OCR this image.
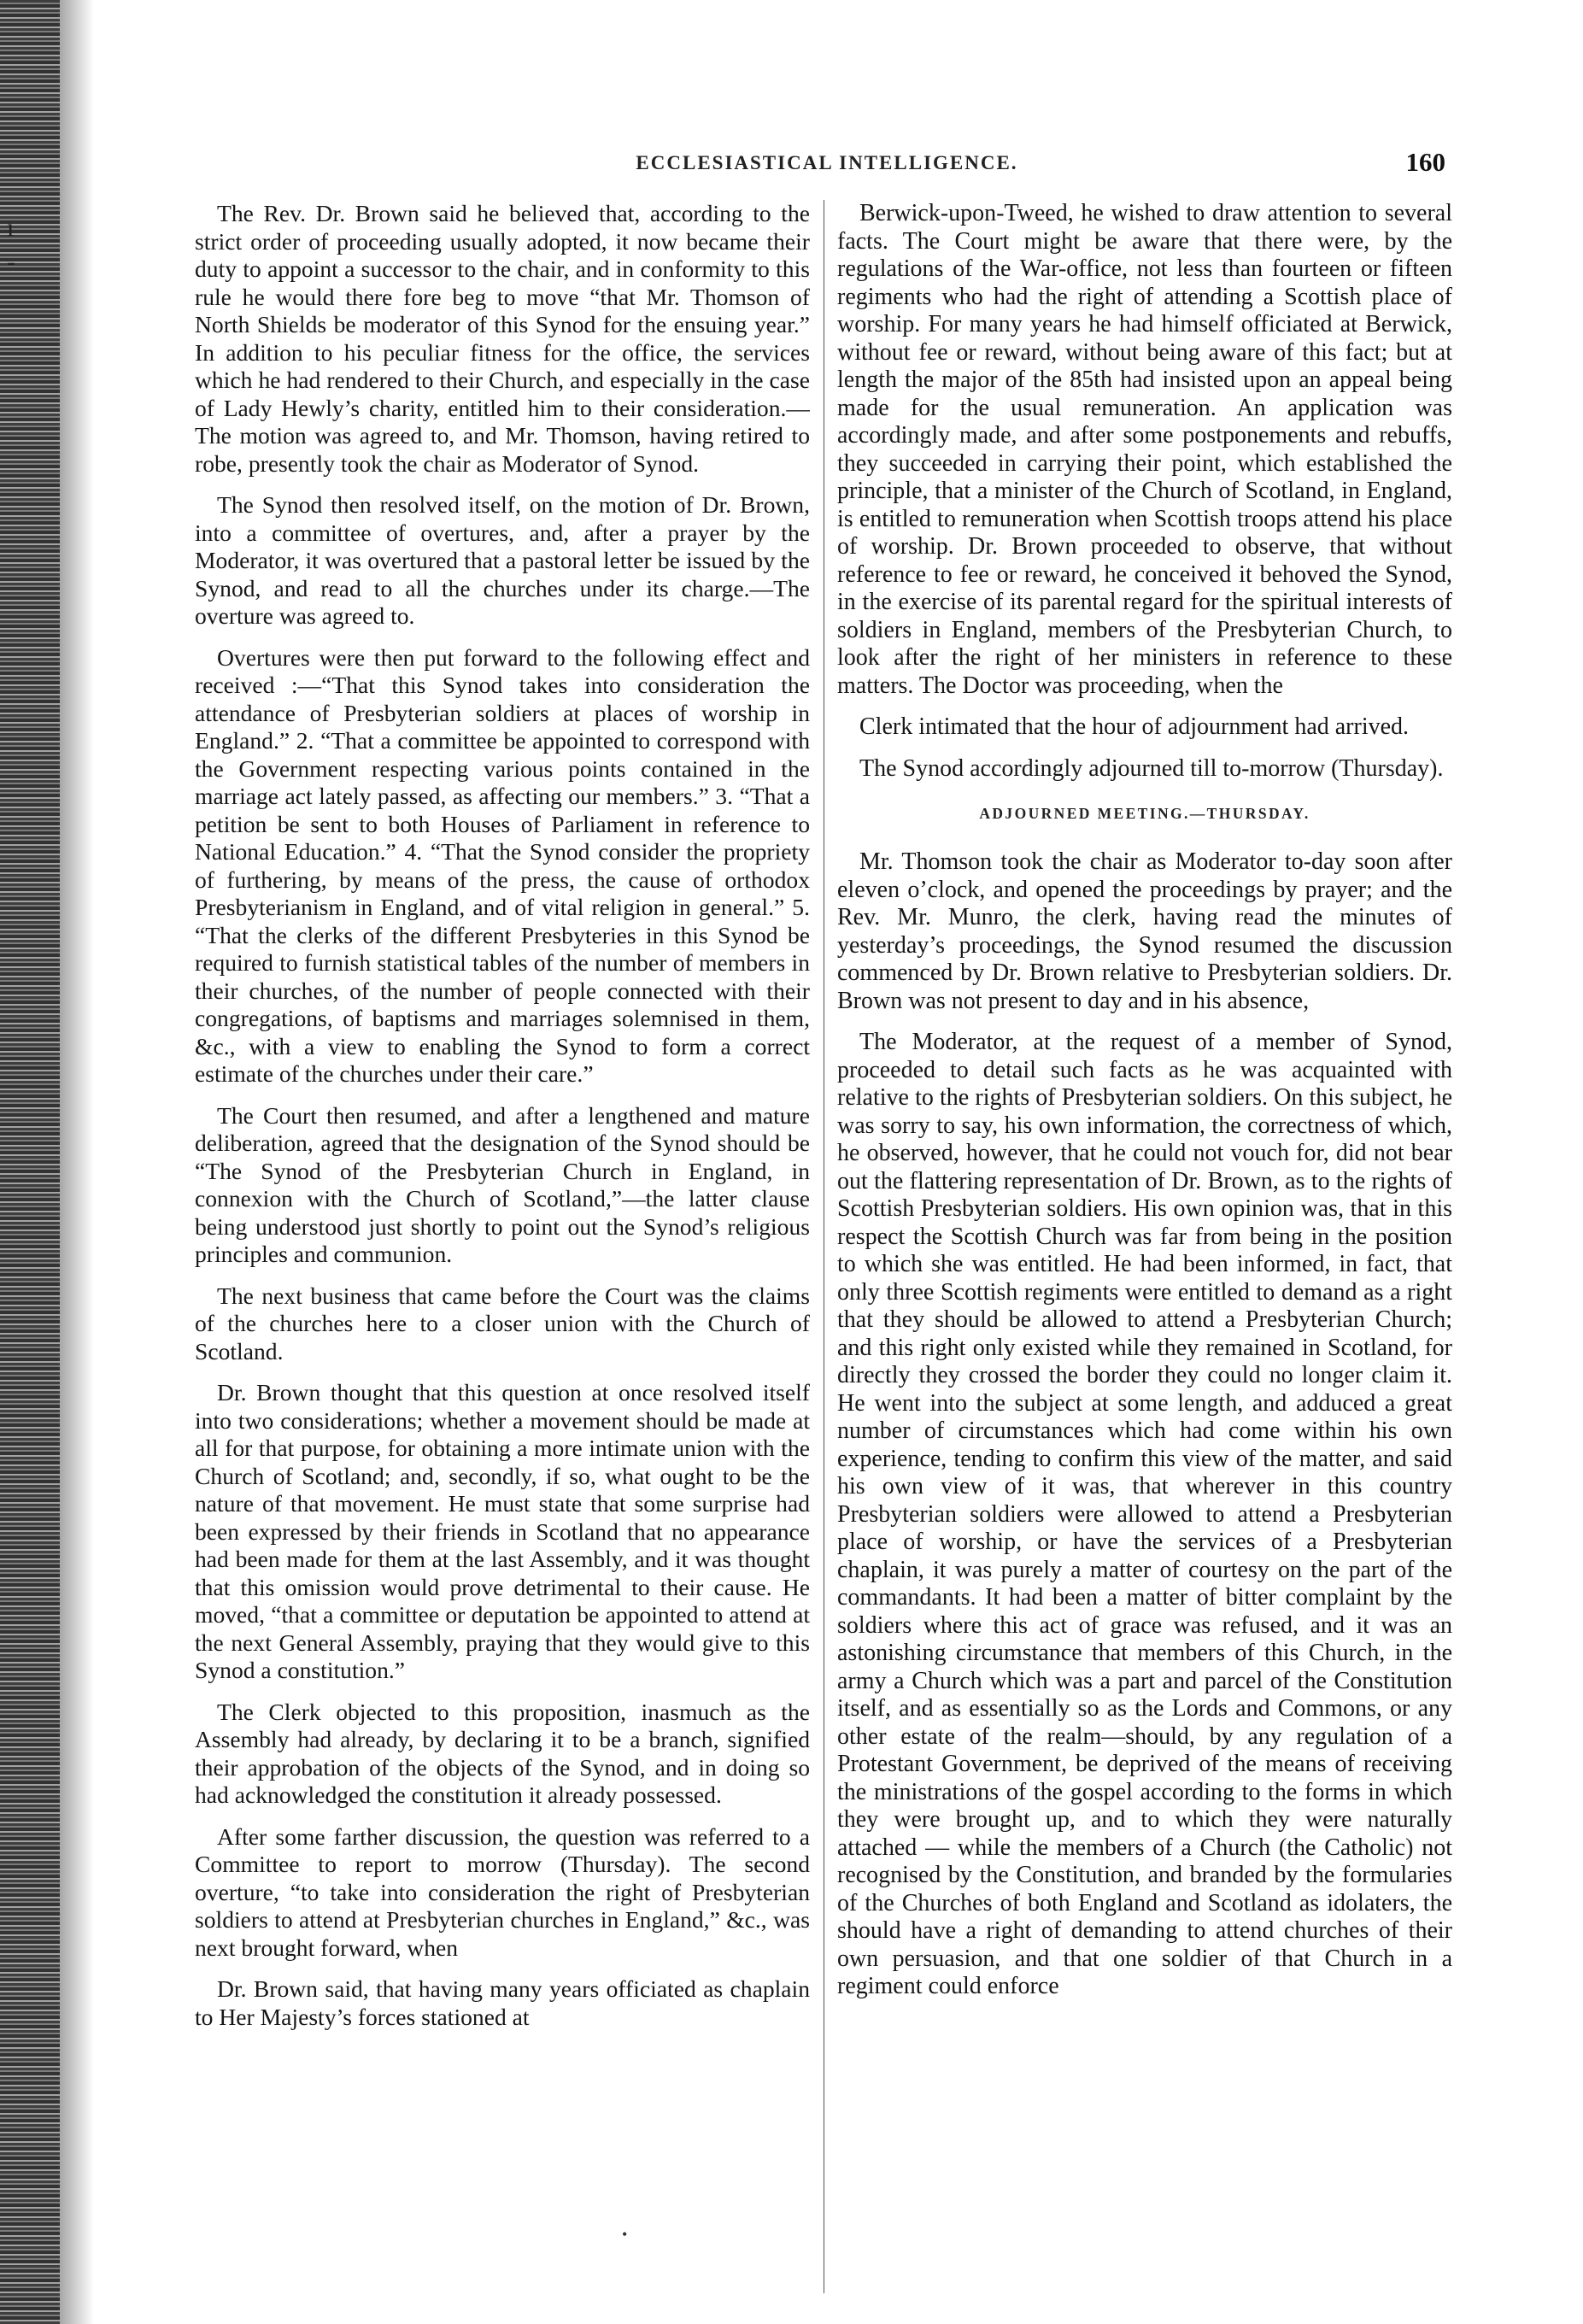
ı
-
ECCLESIASTICAL INTELLIGENCE.	160

The Rev. Dr. Brown said he believed that, according to the strict order of proceeding usually adopted, it now became their duty to appoint a successor to the chair, and in conformity to this rule he would there fore beg to move “that Mr. Thomson of North Shields be moderator of this Synod for the ensuing year.” In addition to his peculiar fitness for the office, the services which he had rendered to their Church, and especially in the case of Lady Hewly’s charity, entitled him to their consideration.—The motion was agreed to, and Mr. Thomson, having retired to robe, presently took the chair as Moderator of Synod.

The Synod then resolved itself, on the motion of Dr. Brown, into a committee of overtures, and, after a prayer by the Moderator, it was overtured that a pastoral letter be issued by the Synod, and read to all the churches under its charge.—The overture was agreed to.

Overtures were then put forward to the following effect and received :—“That this Synod takes into consideration the attendance of Presbyterian soldiers at places of worship in England.” 2. “That a committee be appointed to correspond with the Government respecting various points contained in the marriage act lately passed, as affecting our members.” 3. “That a petition be sent to both Houses of Parliament in reference to National Education.” 4. “That the Synod consider the propriety of furthering, by means of the press, the cause of orthodox Presbyterianism in England, and of vital religion in general.” 5. “That the clerks of the different Presbyteries in this Synod be required to furnish statistical tables of the number of members in their churches, of the number of people connected with their congregations, of baptisms and marriages solemnised in them, &c., with a view to enabling the Synod to form a correct estimate of the churches under their care.”

The Court then resumed, and after a lengthened and mature deliberation, agreed that the designation of the Synod should be “The Synod of the Presbyterian Church in England, in connexion with the Church of Scotland,”—the latter clause being understood just shortly to point out the Synod’s religious principles and communion.

The next business that came before the Court was the claims of the churches here to a closer union with the Church of Scotland.

Dr. Brown thought that this question at once resolved itself into two considerations; whether a movement should be made at all for that purpose, for obtaining a more intimate union with the Church of Scotland; and, secondly, if so, what ought to be the nature of that movement. He must state that some surprise had been expressed by their friends in Scotland that no appearance had been made for them at the last Assembly, and it was thought that this omission would prove detrimental to their cause. He moved, “that a committee or deputation be appointed to attend at the next General Assembly, praying that they would give to this Synod a constitution.”

The Clerk objected to this proposition, inasmuch as the Assembly had already, by declaring it to be a branch, signified their approbation of the objects of the Synod, and in doing so had acknowledged the constitution it already possessed.

After some farther discussion, the question was referred to a Committee to report to morrow (Thursday). The second overture, “to take into consideration the right of Presbyterian soldiers to attend at Presbyterian churches in England,” &c., was next brought forward, when

Dr. Brown said, that having many years officiated as chaplain to Her Majesty’s forces stationed at

Berwick-upon-Tweed, he wished to draw attention to several facts. The Court might be aware that there were, by the regulations of the War-office, not less than fourteen or fifteen regiments who had the right of attending a Scottish place of worship. For many years he had himself officiated at Berwick, without fee or reward, without being aware of this fact; but at length the major of the 85th had insisted upon an appeal being made for the usual remuneration. An application was accordingly made, and after some postponements and rebuffs, they succeeded in carrying their point, which established the principle, that a minister of the Church of Scotland, in England, is entitled to remuneration when Scottish troops attend his place of worship. Dr. Brown proceeded to observe, that without reference to fee or reward, he conceived it behoved the Synod, in the exercise of its parental regard for the spiritual interests of soldiers in England, members of the Presbyterian Church, to look after the right of her ministers in reference to these matters. The Doctor was proceeding, when the

Clerk intimated that the hour of adjournment had arrived.

The Synod accordingly adjourned till to-morrow (Thursday).

ADJOURNED MEETING.—THURSDAY.

Mr. Thomson took the chair as Moderator to-day soon after eleven o’clock, and opened the proceedings by prayer; and the Rev. Mr. Munro, the clerk, having read the minutes of yesterday’s proceedings, the Synod resumed the discussion commenced by Dr. Brown relative to Presbyterian soldiers. Dr. Brown was not present to day and in his absence,

The Moderator, at the request of a member of Synod, proceeded to detail such facts as he was acquainted with relative to the rights of Presbyterian soldiers. On this subject, he was sorry to say, his own information, the correctness of which, he observed, however, that he could not vouch for, did not bear out the flattering representation of Dr. Brown, as to the rights of Scottish Presbyterian soldiers. His own opinion was, that in this respect the Scottish Church was far from being in the position to which she was entitled. He had been informed, in fact, that only three Scottish regiments were entitled to demand as a right that they should be allowed to attend a Presbyterian Church; and this right only existed while they remained in Scotland, for directly they crossed the border they could no longer claim it. He went into the subject at some length, and adduced a great number of circumstances which had come within his own experience, tending to confirm this view of the matter, and said his own view of it was, that wherever in this country Presbyterian soldiers were allowed to attend a Presbyterian place of worship, or have the services of a Presbyterian chaplain, it was purely a matter of courtesy on the part of the commandants. It had been a matter of bitter complaint by the soldiers where this act of grace was refused, and it was an astonishing circumstance that members of this Church, in the army a Church which was a part and parcel of the Constitution itself, and as essentially so as the Lords and Commons, or any other estate of the realm—should, by any regulation of a Protestant Government, be deprived of the means of receiving the ministrations of the gospel according to the forms in which they were brought up, and to which they were naturally attached — while the members of a Church (the Catholic) not recognised by the Constitution, and branded by the formularies of the Churches of both England and Scotland as idolaters, the should have a right of demanding to attend churches of their own persuasion, and that one soldier of that Church in a regiment could enforce

•
